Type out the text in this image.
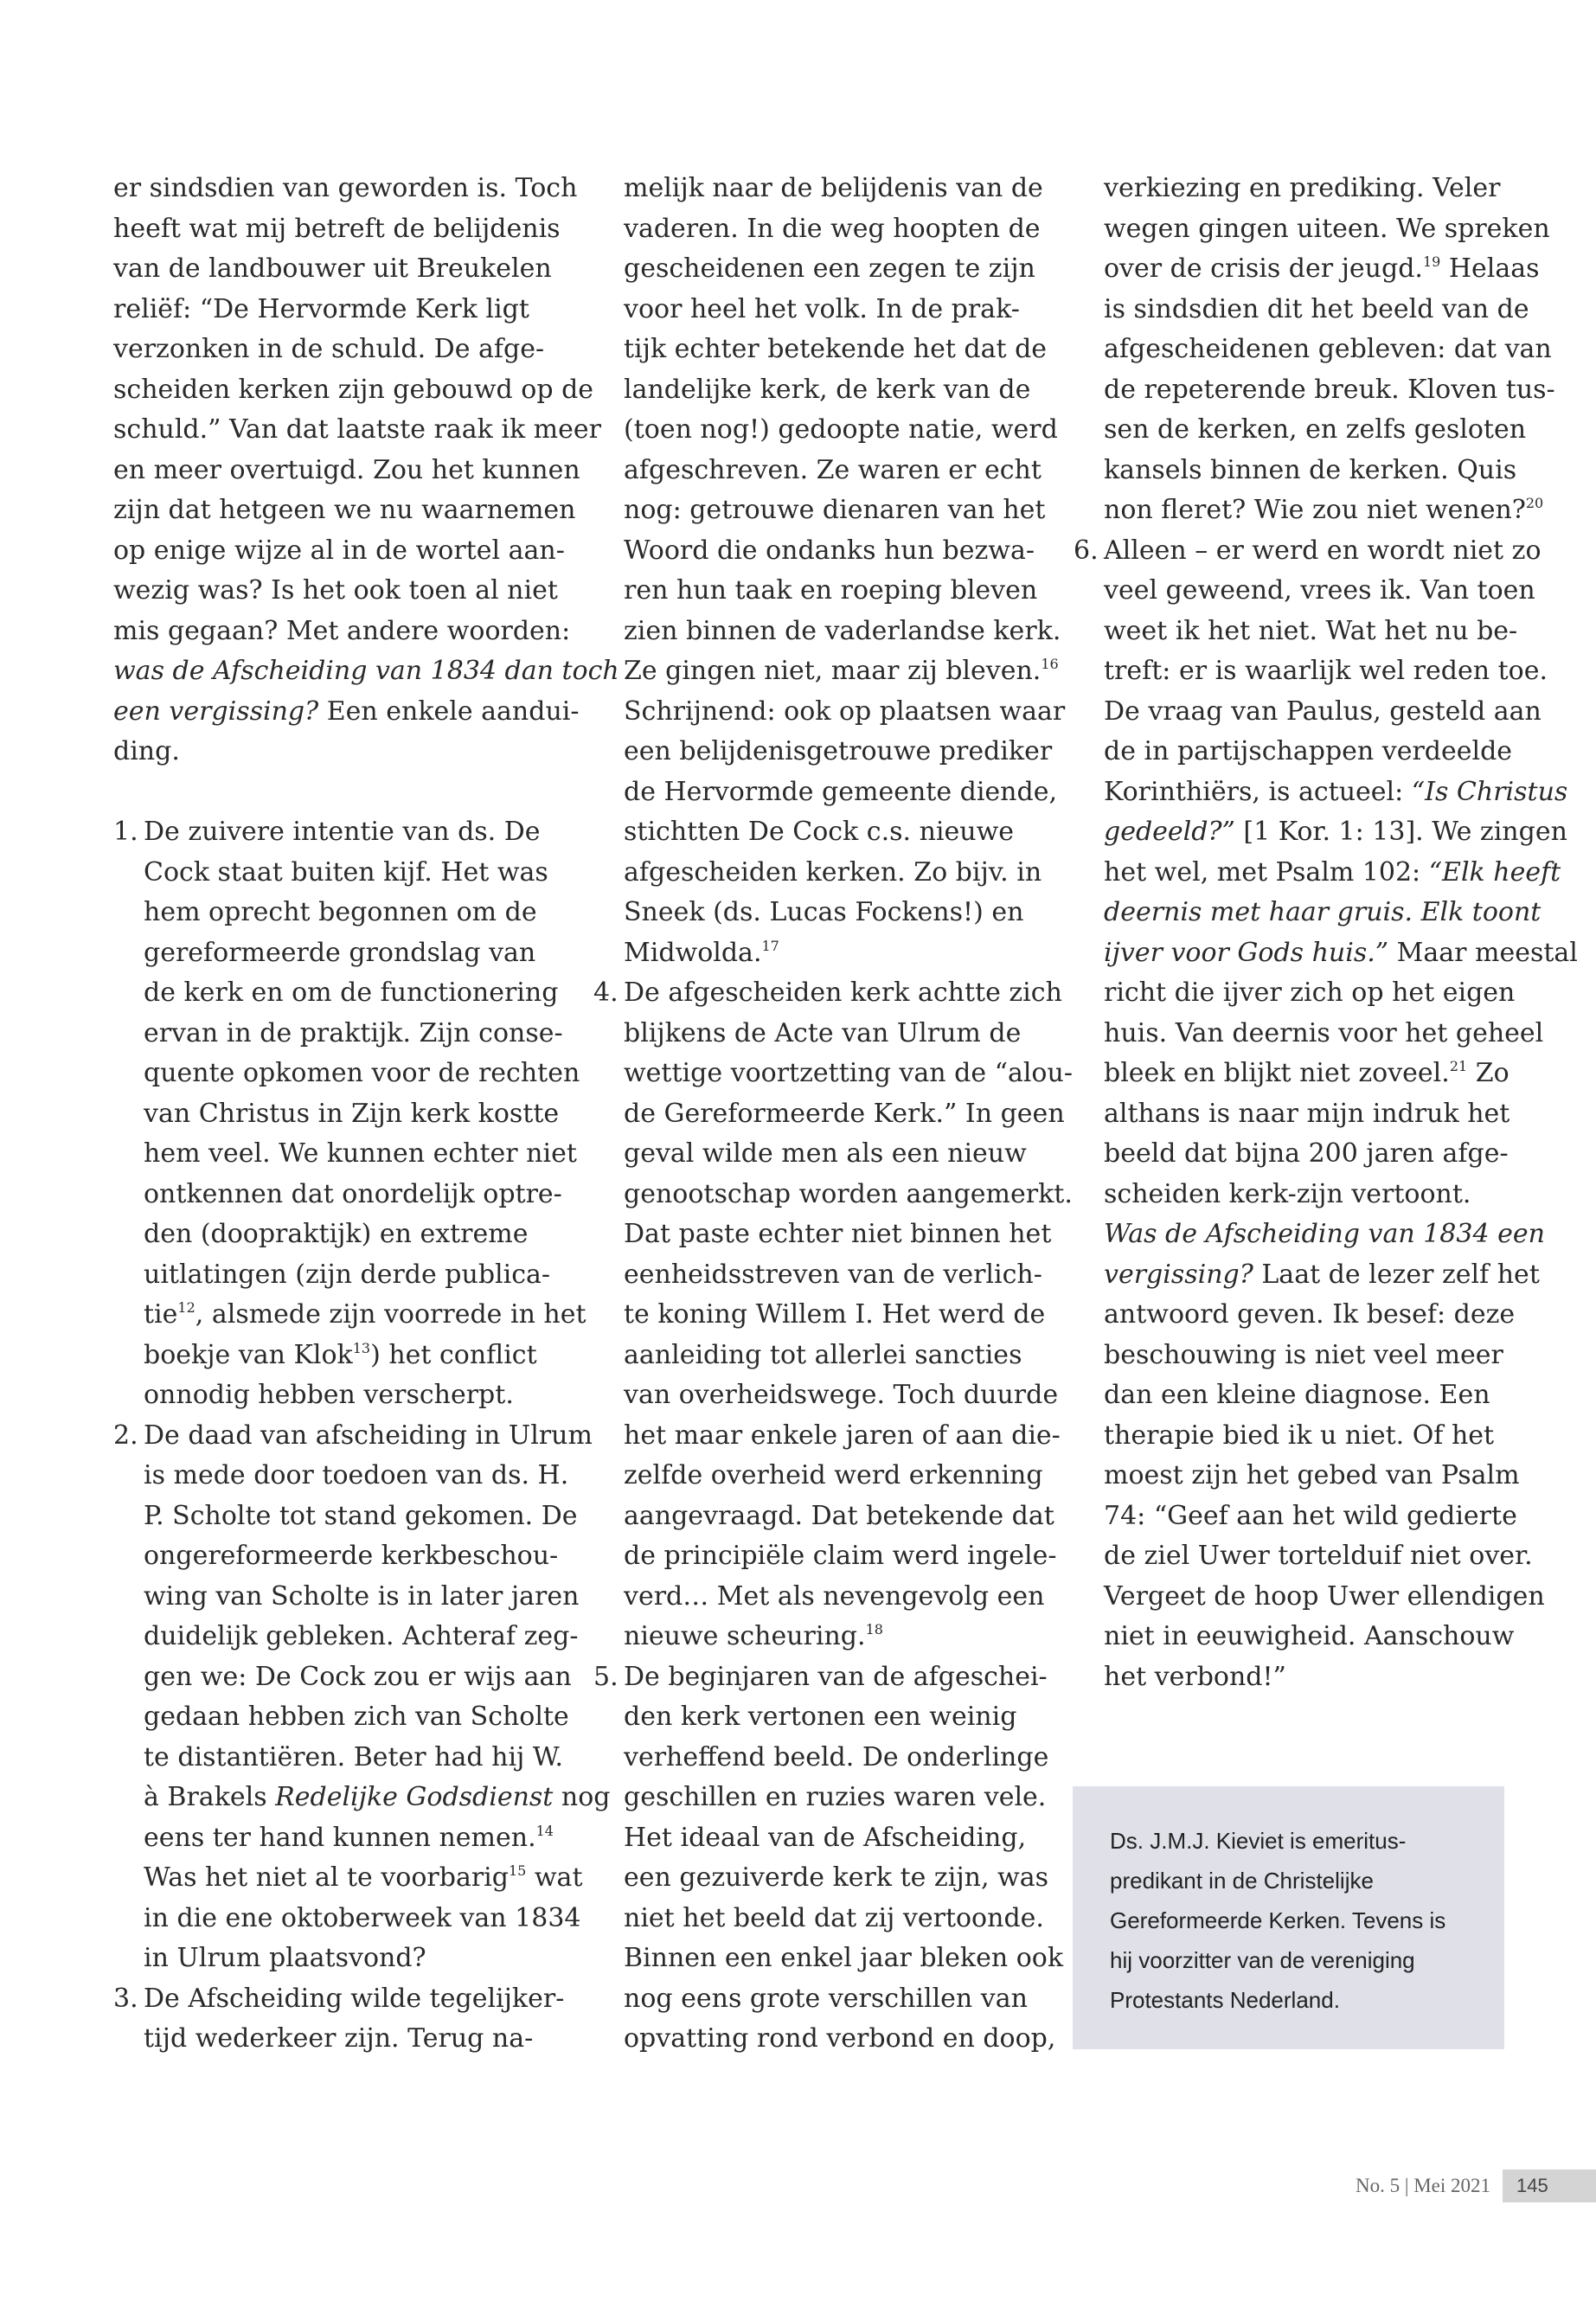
er sindsdien van geworden is. Toch
heeft wat mij betreft de belijdenis
van de landbouwer uit Breukelen
reliëf: “De Hervormde Kerk ligt
verzonken in de schuld. De afge-
scheiden kerken zijn gebouwd op de
schuld.” Van dat laatste raak ik meer
en meer overtuigd. Zou het kunnen
zijn dat hetgeen we nu waarnemen
op enige wijze al in de wortel aan-
wezig was? Is het ook toen al niet
mis gegaan? Met andere woorden:
was de Afscheiding van 1834 dan toch
een vergissing? Een enkele aandui-
ding.
1. De zuivere intentie van ds. De
Cock staat buiten kijf. Het was
hem oprecht begonnen om de
gereformeerde grondslag van
de kerk en om de functionering
ervan in de praktijk. Zijn conse-
quente opkomen voor de rechten
van Christus in Zijn kerk kostte
hem veel. We kunnen echter niet
ontkennen dat onordelijk optre-
den (doopraktijk) en extreme
uitlatingen (zijn derde publica-
tie$^{12}$, alsmede zijn voorrede in het
boekje van Klok$^{13}$) het conflict
onnodig hebben verscherpt.
2. De daad van afscheiding in Ulrum
is mede door toedoen van ds. H.
P. Scholte tot stand gekomen. De
ongereformeerde kerkbeschou-
wing van Scholte is in later jaren
duidelijk gebleken. Achteraf zeg-
gen we: De Cock zou er wijs aan
gedaan hebben zich van Scholte
te distantiëren. Beter had hij W.
à Brakels Redelijke Godsdienst nog
eens ter hand kunnen nemen.$^{14}$
Was het niet al te voorbarig$^{15}$ wat
in die ene oktoberweek van 1834
in Ulrum plaatsvond?
3. De Afscheiding wilde tegelijker-
tijd wederkeer zijn. Terug na-
melijk naar de belijdenis van de
vaderen. In die weg hoopten de
gescheidenen een zegen te zijn
voor heel het volk. In de prak-
tijk echter betekende het dat de
landelijke kerk, de kerk van de
(toen nog!) gedoopte natie, werd
afgeschreven. Ze waren er echt
nog: getrouwe dienaren van het
Woord die ondanks hun bezwa-
ren hun taak en roeping bleven
zien binnen de vaderlandse kerk.
Ze gingen niet, maar zij bleven.$^{16}$
Schrijnend: ook op plaatsen waar
een belijdenisgetrouwe prediker
de Hervormde gemeente diende,
stichtten De Cock c.s. nieuwe
afgescheiden kerken. Zo bijv. in
Sneek (ds. Lucas Fockens!) en
Midwolda.$^{17}$
4. De afgescheiden kerk achtte zich
blijkens de Acte van Ulrum de
wettige voortzetting van de “alou-
de Gereformeerde Kerk.” In geen
geval wilde men als een nieuw
genootschap worden aangemerkt.
Dat paste echter niet binnen het
eenheidsstreven van de verlich-
te koning Willem I. Het werd de
aanleiding tot allerlei sancties
van overheidswege. Toch duurde
het maar enkele jaren of aan die-
zelfde overheid werd erkenning
aangevraagd. Dat betekende dat
de principiële claim werd ingele-
verd… Met als nevengevolg een
nieuwe scheuring.$^{18}$
5. De beginjaren van de afgeschei-
den kerk vertonen een weinig
verheffend beeld. De onderlinge
geschillen en ruzies waren vele.
Het ideaal van de Afscheiding,
een gezuiverde kerk te zijn, was
niet het beeld dat zij vertoonde.
Binnen een enkel jaar bleken ook
nog eens grote verschillen van
opvatting rond verbond en doop,
verkiezing en prediking. Veler
wegen gingen uiteen. We spreken
over de crisis der jeugd.$^{19}$ Helaas
is sindsdien dit het beeld van de
afgescheidenen gebleven: dat van
de repeterende breuk. Kloven tus-
sen de kerken, en zelfs gesloten
kansels binnen de kerken. Quis
non fleret? Wie zou niet wenen?$^{20}$
6. Alleen – er werd en wordt niet zo
veel geweend, vrees ik. Van toen
weet ik het niet. Wat het nu be-
treft: er is waarlijk wel reden toe.
De vraag van Paulus, gesteld aan
de in partijschappen verdeelde
Korinthiërs, is actueel: “Is Christus
gedeeld?” [1 Kor. 1: 13]. We zingen
het wel, met Psalm 102: “Elk heeft
deernis met haar gruis. Elk toont
ijver voor Gods huis.” Maar meestal
richt die ijver zich op het eigen
huis. Van deernis voor het geheel
bleek en blijkt niet zoveel.$^{21}$ Zo
althans is naar mijn indruk het
beeld dat bijna 200 jaren afge-
scheiden kerk-zijn vertoont.
Was de Afscheiding van 1834 een
vergissing? Laat de lezer zelf het
antwoord geven. Ik besef: deze
beschouwing is niet veel meer
dan een kleine diagnose. Een
therapie bied ik u niet. Of het
moest zijn het gebed van Psalm
74: “Geef aan het wild gedierte
de ziel Uwer tortelduif niet over.
Vergeet de hoop Uwer ellendigen
niet in eeuwigheid. Aanschouw
het verbond!”
Ds. J.M.J. Kieviet is emeritus-
predikant in de Christelijke
Gereformeerde Kerken. Tevens is
hij voorzitter van de vereniging
Protestants Nederland.
No. 5 | Mei 2021	145
